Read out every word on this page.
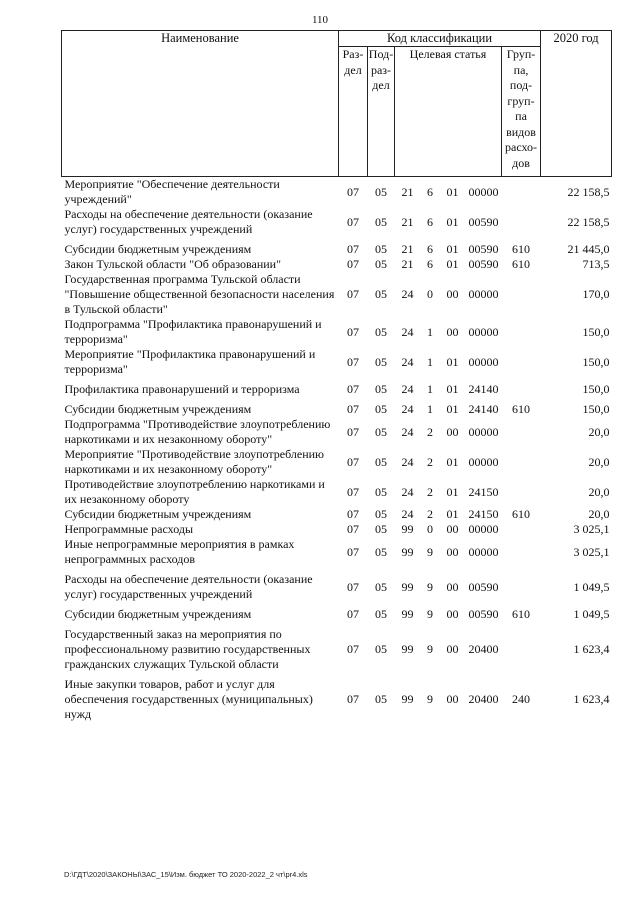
110
Наименование	Код классификации							2020 год
	Раз-дел	Под-раз-дел	Целевая статья				Груп-па, под-груп-па видов расхо-дов	
Мероприятие "Обеспечение деятельности учреждений"	07	05	21	6	01	00000		22 158,5
Расходы на обеспечение деятельности (оказание услуг) государственных учреждений	07	05	21	6	01	00590		22 158,5

Субсидии бюджетным учреждениям	07	05	21	6	01	00590	610	21 445,0
Закон Тульской области "Об образовании"	07	05	21	6	01	00590	610	713,5
Государственная программа Тульской области "Повышение общественной безопасности населения в Тульской области"	07	05	24	0	00	00000		170,0
Подпрограмма "Профилактика правонарушений и терроризма"	07	05	24	1	00	00000		150,0
Мероприятие "Профилактика правонарушений и терроризма"	07	05	24	1	01	00000		150,0

Профилактика правонарушений и терроризма	07	05	24	1	01	24140		150,0

Субсидии бюджетным учреждениям	07	05	24	1	01	24140	610	150,0
Подпрограмма "Противодействие злоупотреблению наркотиками и их незаконному обороту"	07	05	24	2	00	00000		20,0
Мероприятие "Противодействие злоупотреблению наркотиками и их незаконному обороту"	07	05	24	2	01	00000		20,0
Противодействие злоупотреблению наркотиками и их незаконному обороту	07	05	24	2	01	24150		20,0
Субсидии бюджетным учреждениям	07	05	24	2	01	24150	610	20,0
Непрограммные расходы	07	05	99	0	00	00000		3 025,1
Иные непрограммные мероприятия в рамках непрограммных расходов	07	05	99	9	00	00000		3 025,1

Расходы на обеспечение деятельности (оказание услуг) государственных учреждений	07	05	99	9	00	00590		1 049,5

Субсидии бюджетным учреждениям	07	05	99	9	00	00590	610	1 049,5

Государственный заказ на мероприятия по профессиональному развитию государственных гражданских служащих Тульской области	07	05	99	9	00	20400		1 623,4

Иные закупки товаров, работ и услуг для обеспечения государственных (муниципальных) нужд	07	05	99	9	00	20400	240	1 623,4
D:\ГДТ\2020\ЗАКОНЫ\ЗАС_15\Изм. бюджет ТО 2020-2022_2 чт\pr4.xls
